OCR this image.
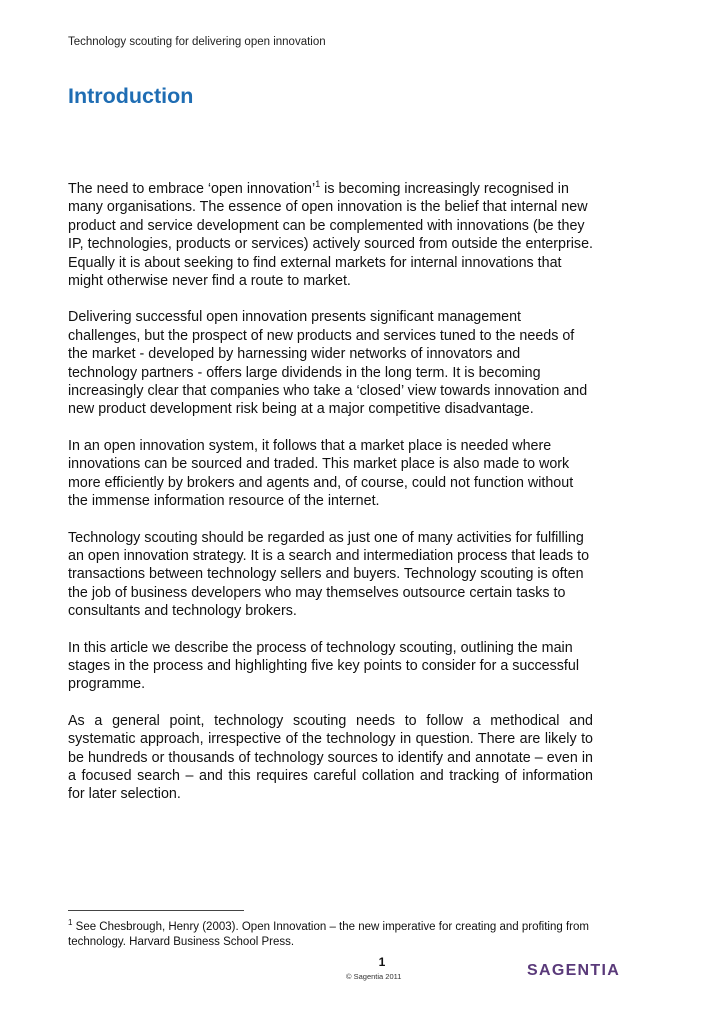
Technology scouting for delivering open innovation
Introduction

The need to embrace ‘open innovation’$^1$ is becoming increasingly recognised in many organisations. The essence of open innovation is the belief that internal new product and service development can be complemented with innovations (be they IP, technologies, products or services) actively sourced from outside the enterprise. Equally it is about seeking to find external markets for internal innovations that might otherwise never find a route to market.

Delivering successful open innovation presents significant management challenges, but the prospect of new products and services tuned to the needs of the market - developed by harnessing wider networks of innovators and technology partners - offers large dividends in the long term. It is becoming increasingly clear that companies who take a ‘closed’ view towards innovation and new product development risk being at a major competitive disadvantage.

In an open innovation system, it follows that a market place is needed where innovations can be sourced and traded. This market place is also made to work more efficiently by brokers and agents and, of course, could not function without the immense information resource of the internet.

Technology scouting should be regarded as just one of many activities for fulfilling an open innovation strategy. It is a search and intermediation process that leads to transactions between technology sellers and buyers. Technology scouting is often the job of business developers who may themselves outsource certain tasks to consultants and technology brokers.

In this article we describe the process of technology scouting, outlining the main stages in the process and highlighting five key points to consider for a successful programme.

As a general point, technology scouting needs to follow a methodical and systematic approach, irrespective of the technology in question. There are likely to be hundreds or thousands of technology sources to identify and annotate – even in a focused search – and this requires careful collation and tracking of information for later selection.

$^1$ See Chesbrough, Henry (2003). Open Innovation – the new imperative for creating and profiting from technology. Harvard Business School Press.
1
© Sagentia 2011	SAGENTIA
